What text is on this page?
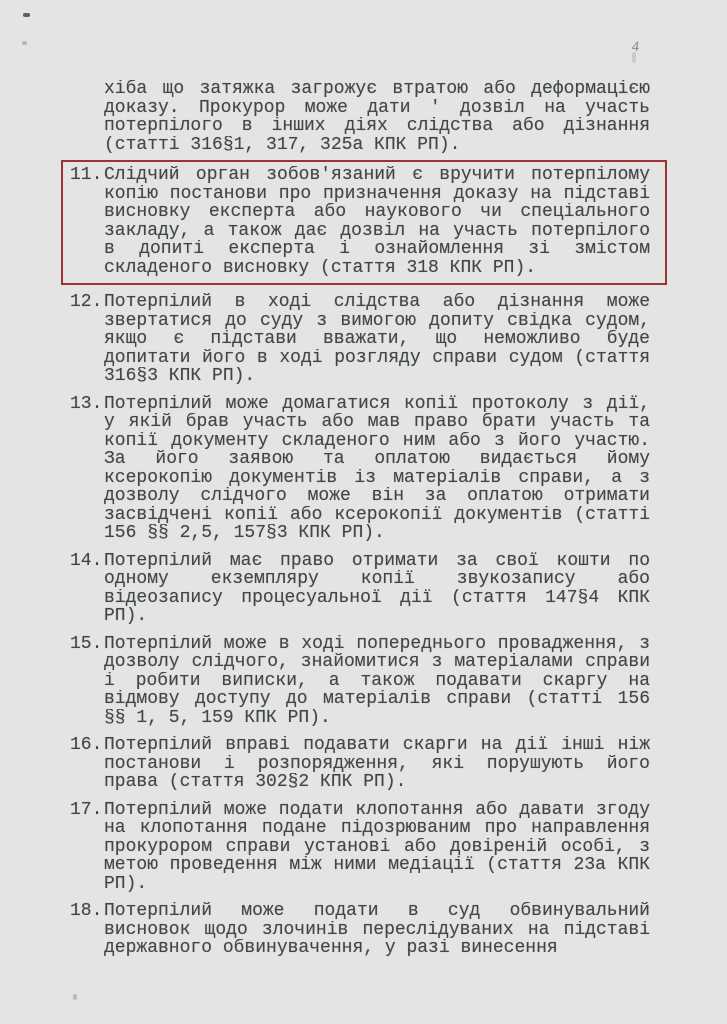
4
хіба що затяжка загрожує втратою або деформацією
доказу. Прокурор може дати ' дозвіл на участь
потерпілого в інших діях слідства або дізнання
(статті 316§1, 317, 325а КПК РП).
11. Слідчий орган зобов'язаний є вручити потерпілому
копію постанови про призначення доказу на підставі
висновку експерта або наукового чи спеціального
закладу, а також дає дозвіл на участь потерпілого
в допиті експерта і ознайомлення зі змістом
складеного висновку (стаття 318 КПК РП).
12. Потерпілий в ході слідства або дізнання може
звертатися до суду з вимогою допиту свідка судом,
якщо є підстави вважати, що неможливо буде
допитати його в ході розгляду справи судом (стаття
316§3 КПК РП).
13. Потерпілий може домагатися копії протоколу з дії,
у якій брав участь або мав право брати участь та
копії документу складеного ним або з його участю.
За його заявою та оплатою видається йому
ксерокопію документів із матеріалів справи, а з
дозволу слідчого може він за оплатою отримати
засвідчені копії або ксерокопії документів (статті
156 §§ 2,5, 157§3 КПК РП).
14. Потерпілий має право отримати за свої кошти по
одному екземпляру копії звукозапису або
відеозапису процесуальної дії (стаття 147§4 КПК
РП).
15. Потерпілий може в ході попереднього провадження, з
дозволу слідчого, знайомитися з матеріалами справи
і робити виписки, а також подавати скаргу на
відмову доступу до матеріалів справи (статті 156
§§ 1, 5, 159 КПК РП).
16. Потерпілий вправі подавати скарги на дії інші ніж
постанови і розпорядження, які порушують його
права (стаття 302§2 КПК РП).
17. Потерпілий може подати клопотання або давати згоду
на клопотання подане підозрюваним про направлення
прокурором справи установі або довіреній особі, з
метою проведення між ними медіації (стаття 23а КПК
РП).
18. Потерпілий може подати в суд обвинувальний
висновок щодо злочинів переслідуваних на підставі
державного обвинувачення, у разі винесення
